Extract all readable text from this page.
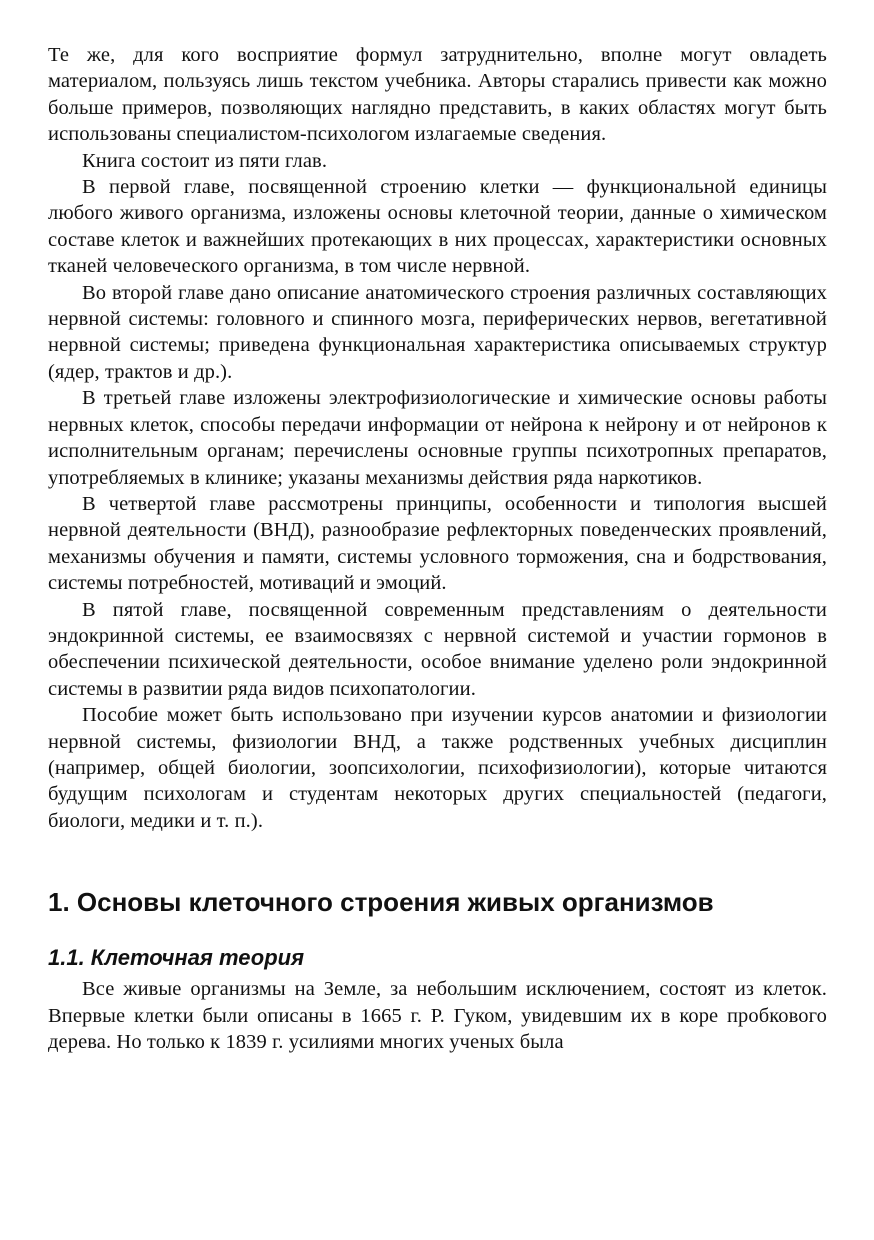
Те же, для кого восприятие формул затруднительно, вполне могут овладеть материалом, пользуясь лишь текстом учебника. Авторы старались привести как можно больше примеров, позволяющих наглядно представить, в каких областях могут быть использованы специалистом-психологом излагаемые сведения.

Книга состоит из пяти глав.

В первой главе, посвященной строению клетки — функциональной единицы любого живого организма, изложены основы клеточной теории, данные о химическом составе клеток и важнейших протекающих в них процессах, характеристики основных тканей человеческого организма, в том числе нервной.

Во второй главе дано описание анатомического строения различных составляющих нервной системы: головного и спинного мозга, периферических нервов, вегетативной нервной системы; приведена функциональная характеристика описываемых структур (ядер, трактов и др.).

В третьей главе изложены электрофизиологические и химические основы работы нервных клеток, способы передачи информации от нейрона к нейрону и от нейронов к исполнительным органам; перечислены основные группы психотропных препаратов, употребляемых в клинике; указаны механизмы действия ряда наркотиков.

В четвертой главе рассмотрены принципы, особенности и типология высшей нервной деятельности (ВНД), разнообразие рефлекторных поведенческих проявлений, механизмы обучения и памяти, системы условного торможения, сна и бодрствования, системы потребностей, мотиваций и эмоций.

В пятой главе, посвященной современным представлениям о деятельности эндокринной системы, ее взаимосвязях с нервной системой и участии гормонов в обеспечении психической деятельности, особое внимание уделено роли эндокринной системы в развитии ряда видов психопатологии.

Пособие может быть использовано при изучении курсов анатомии и физиологии нервной системы, физиологии ВНД, а также родственных учебных дисциплин (например, общей биологии, зоопсихологии, психофизиологии), которые читаются будущим психологам и студентам некоторых других специальностей (педагоги, биологи, медики и т. п.).

1. Основы клеточного строения живых организмов
1.1. Клеточная теория

Все живые организмы на Земле, за небольшим исключением, состоят из клеток. Впервые клетки были описаны в 1665 г. Р. Гуком, увидевшим их в коре пробкового дерева. Но только к 1839 г. усилиями многих ученых была
